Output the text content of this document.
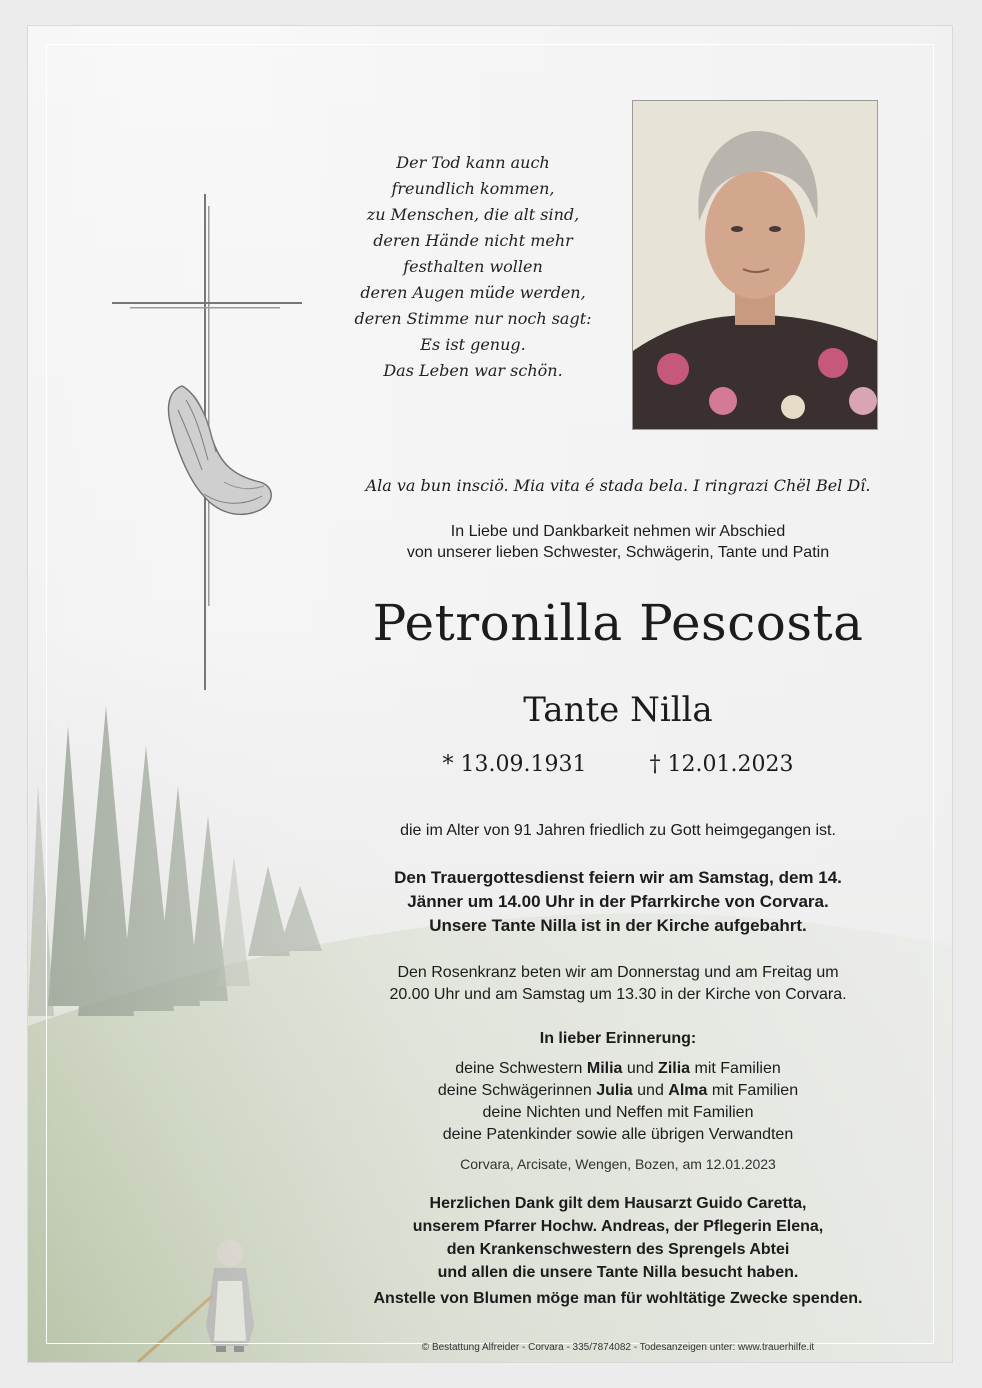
Der Tod kann auch
freundlich kommen,
zu Menschen, die alt sind,
deren Hände nicht mehr
festhalten wollen
deren Augen müde werden,
deren Stimme nur noch sagt:
Es ist genug.
Das Leben war schön.
Ala va bun insciö. Mia vita é stada bela. I ringrazi Chël Bel Dî.
In Liebe und Dankbarkeit nehmen wir Abschied
von unserer lieben Schwester, Schwägerin, Tante und Patin
Petronilla Pescosta
Tante Nilla
* 13.09.1931	† 12.01.2023
die im Alter von 91 Jahren friedlich zu Gott heimgegangen ist.
Den Trauergottesdienst feiern wir am Samstag, dem 14.
Jänner um 14.00 Uhr in der Pfarrkirche von Corvara.
Unsere Tante Nilla ist in der Kirche aufgebahrt.
Den Rosenkranz beten wir am Donnerstag und am Freitag um
20.00 Uhr und am Samstag um 13.30 in der Kirche von Corvara.
In lieber Erinnerung:
deine Schwestern Milia und Zilia mit Familien
deine Schwägerinnen Julia und Alma mit Familien
deine Nichten und Neffen mit Familien
deine Patenkinder sowie alle übrigen Verwandten
Corvara, Arcisate, Wengen, Bozen, am 12.01.2023
Herzlichen Dank gilt dem Hausarzt Guido Caretta,
unserem Pfarrer Hochw. Andreas, der Pflegerin Elena,
den Krankenschwestern des Sprengels Abtei
und allen die unsere Tante Nilla besucht haben.
Anstelle von Blumen möge man für wohltätige Zwecke spenden.
© Bestattung Alfreider - Corvara - 335/7874082 - Todesanzeigen unter: www.trauerhilfe.it
